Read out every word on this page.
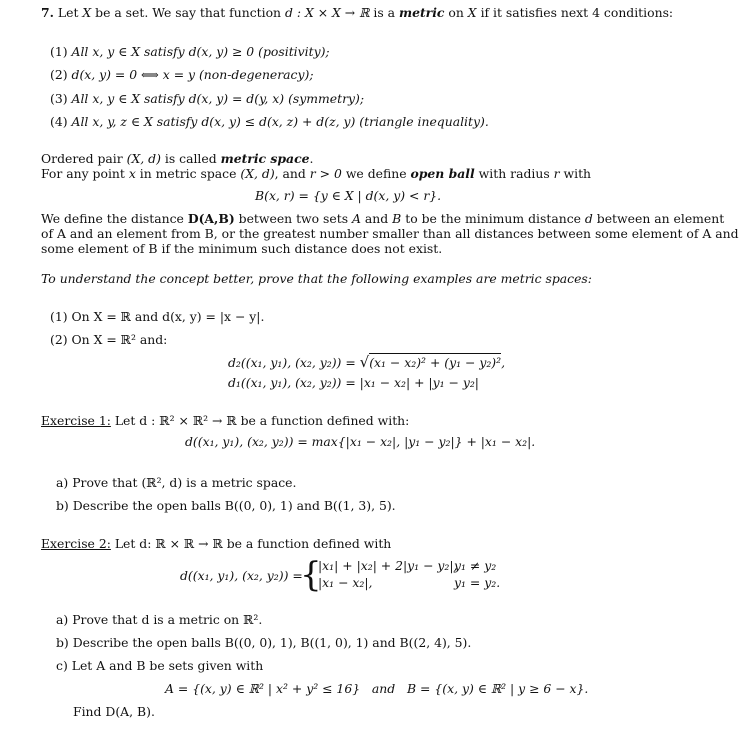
7. Let X be a set. We say that function d : X × X → ℝ is a metric on X if it satisfies next 4 conditions:
(1) All x, y ∈ X satisfy d(x, y) ≥ 0 (positivity);
(2) d(x, y) = 0 ⟺ x = y (non-degeneracy);
(3) All x, y ∈ X satisfy d(x, y) = d(y, x) (symmetry);
(4) All x, y, z ∈ X satisfy d(x, y) ≤ d(x, z) + d(z, y) (triangle inequality).
Ordered pair (X, d) is called metric space.
For any point x in metric space (X, d), and r > 0 we define open ball with radius r with
B(x, r) = {y ∈ X | d(x, y) < r}.
We define the distance D(A,B) between two sets A and B to be the minimum distance d between an element
of A and an element from B, or the greatest number smaller than all distances between some element of A and
some element of B if the minimum such distance does not exist.
To understand the concept better, prove that the following examples are metric spaces:
(1) On X = ℝ and d(x, y) = |x − y|.
(2) On X = ℝ² and:
d₂((x₁, y₁), (x₂, y₂)) = √(x₁ − x₂)² + (y₁ − y₂)²,
d₁((x₁, y₁), (x₂, y₂)) = |x₁ − x₂| + |y₁ − y₂|
Exercise 1: Let d : ℝ² × ℝ² → ℝ be a function defined with:
d((x₁, y₁), (x₂, y₂)) = max{|x₁ − x₂|, |y₁ − y₂|} + |x₁ − x₂|.
a) Prove that (ℝ², d) is a metric space.
b) Describe the open balls B((0, 0), 1) and B((1, 3), 5).
Exercise 2: Let d: ℝ × ℝ → ℝ be a function defined with
d((x₁, y₁), (x₂, y₂)) =
{
|x₁| + |x₂| + 2|y₁ − y₂|,
y₁ ≠ y₂
|x₁ − x₂|,	y₁ = y₂.
a) Prove that d is a metric on ℝ².
b) Describe the open balls B((0, 0), 1), B((1, 0), 1) and B((2, 4), 5).
c) Let A and B be sets given with
A = {(x, y) ∈ ℝ² | x² + y² ≤ 16}   and   B = {(x, y) ∈ ℝ² | y ≥ 6 − x}.
Find D(A, B).
